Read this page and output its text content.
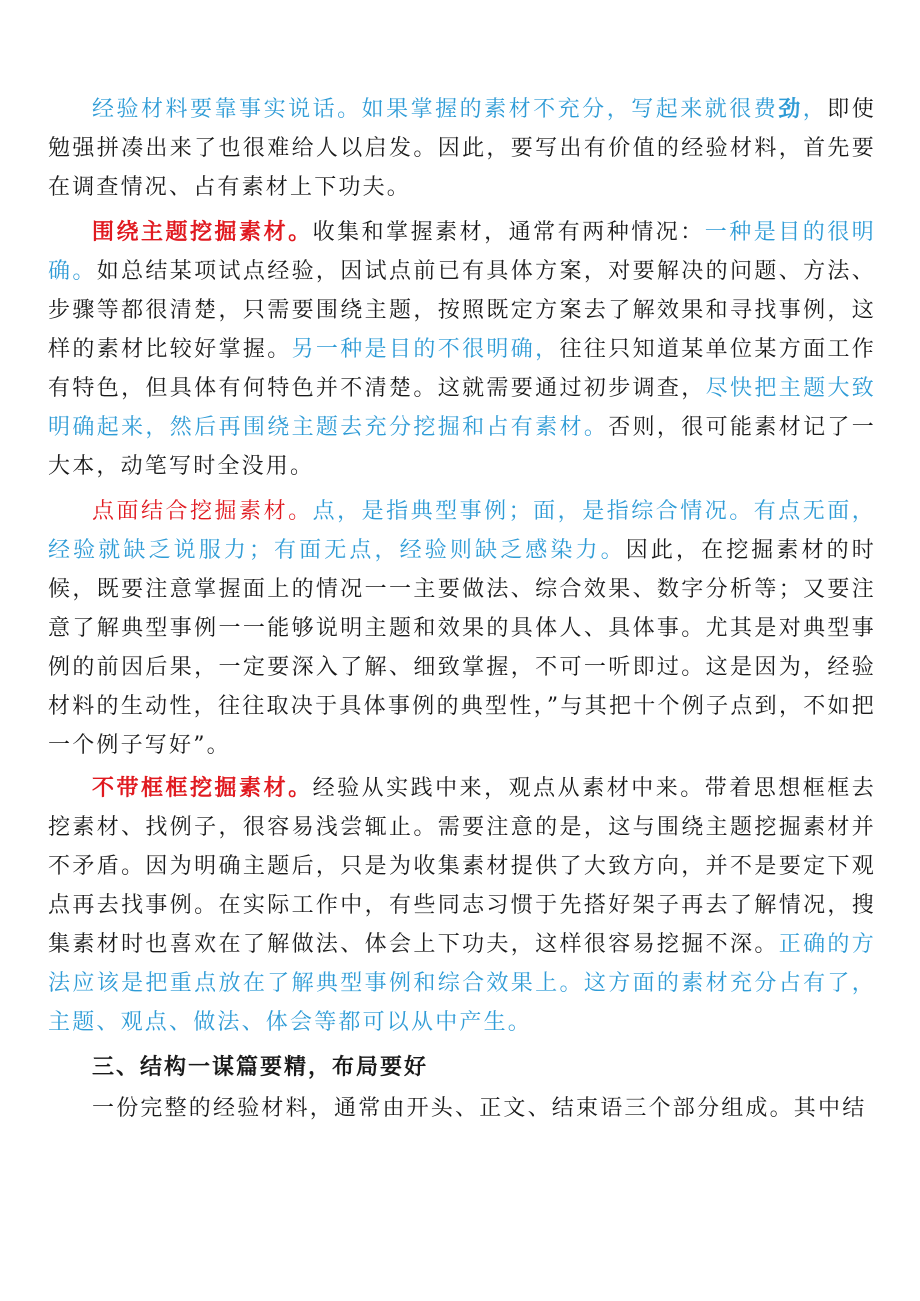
经验材料要靠事实说话。如果掌握的素材不充分，写起来就很费劲，即使勉强拼凑出来了也很难给人以启发。因此，要写出有价值的经验材料，首先要在调查情况、占有素材上下功夫。

围绕主题挖掘素材。收集和掌握素材，通常有两种情况：一种是目的很明确。如总结某项试点经验，因试点前已有具体方案，对要解决的问题、方法、步骤等都很清楚，只需要围绕主题，按照既定方案去了解效果和寻找事例，这样的素材比较好掌握。另一种是目的不很明确，往往只知道某单位某方面工作有特色，但具体有何特色并不清楚。这就需要通过初步调查，尽快把主题大致明确起来，然后再围绕主题去充分挖掘和占有素材。否则，很可能素材记了一大本，动笔写时全没用。

点面结合挖掘素材。点，是指典型事例；面，是指综合情况。有点无面，经验就缺乏说服力；有面无点，经验则缺乏感染力。因此，在挖掘素材的时候，既要注意掌握面上的情况一一主要做法、综合效果、数字分析等；又要注意了解典型事例一一能够说明主题和效果的具体人、具体事。尤其是对典型事例的前因后果，一定要深入了解、细致掌握，不可一听即过。这是因为，经验材料的生动性，往往取决于具体事例的典型性，”与其把十个例子点到，不如把一个例子写好”。

不带框框挖掘素材。经验从实践中来，观点从素材中来。带着思想框框去挖素材、找例子，很容易浅尝辄止。需要注意的是，这与围绕主题挖掘素材并不矛盾。因为明确主题后，只是为收集素材提供了大致方向，并不是要定下观点再去找事例。在实际工作中，有些同志习惯于先搭好架子再去了解情况，搜集素材时也喜欢在了解做法、体会上下功夫，这样很容易挖掘不深。正确的方法应该是把重点放在了解典型事例和综合效果上。这方面的素材充分占有了，主题、观点、做法、体会等都可以从中产生。

三、结构一谋篇要精，布局要好

一份完整的经验材料，通常由开头、正文、结束语三个部分组成。其中结
